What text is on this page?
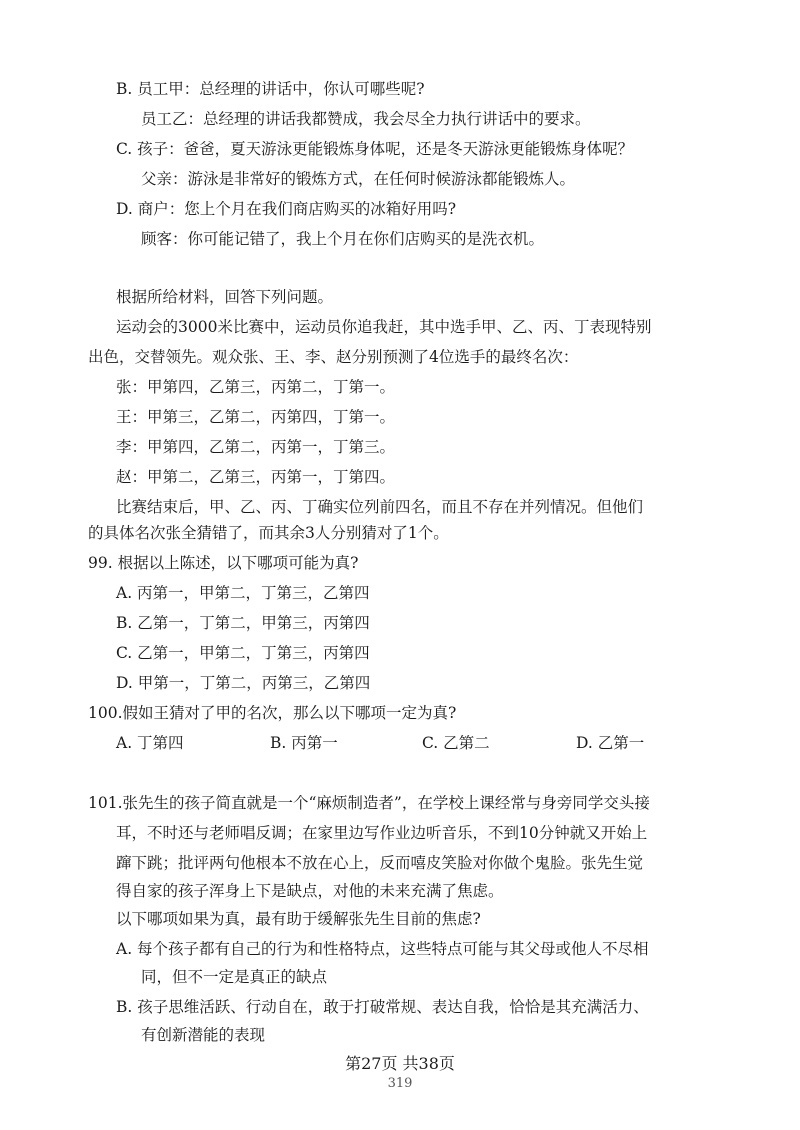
B. 员工甲：总经理的讲话中，你认可哪些呢?
员工乙：总经理的讲话我都赞成，我会尽全力执行讲话中的要求。
C. 孩子：爸爸，夏天游泳更能锻炼身体呢，还是冬天游泳更能锻炼身体呢？
父亲：游泳是非常好的锻炼方式，在任何时候游泳都能锻炼人。
D. 商户：您上个月在我们商店购买的冰箱好用吗?
顾客：你可能记错了，我上个月在你们店购买的是洗衣机。
根据所给材料，回答下列问题。
运动会的3000米比赛中，运动员你追我赶，其中选手甲、乙、丙、丁表现特别
出色，交替领先。观众张、王、李、赵分别预测了4位选手的最终名次：
张：甲第四，乙第三，丙第二，丁第一。
王：甲第三，乙第二，丙第四，丁第一。
李：甲第四，乙第二，丙第一，丁第三。
赵：甲第二，乙第三，丙第一，丁第四。
比赛结束后，甲、乙、丙、丁确实位列前四名，而且不存在并列情况。但他们
的具体名次张全猜错了，而其余3人分别猜对了1个。
99. 根据以上陈述，以下哪项可能为真?
A. 丙第一，甲第二，丁第三，乙第四
B. 乙第一，丁第二，甲第三，丙第四
C. 乙第一，甲第二，丁第三，丙第四
D. 甲第一，丁第二，丙第三，乙第四
100.假如王猜对了甲的名次，那么以下哪项一定为真?
A. 丁第四	B. 丙第一	C. 乙第二	D. 乙第一
101.张先生的孩子简直就是一个“麻烦制造者”，在学校上课经常与身旁同学交头接
耳，不时还与老师唱反调；在家里边写作业边听音乐，不到10分钟就又开始上
蹿下跳；批评两句他根本不放在心上，反而嘻皮笑脸对你做个鬼脸。张先生觉
得自家的孩子浑身上下是缺点，对他的未来充满了焦虑。
以下哪项如果为真，最有助于缓解张先生目前的焦虑?
A. 每个孩子都有自己的行为和性格特点，这些特点可能与其父母或他人不尽相
同，但不一定是真正的缺点
B. 孩子思维活跃、行动自在，敢于打破常规、表达自我，恰恰是其充满活力、
有创新潜能的表现
第27页 共38页
319
